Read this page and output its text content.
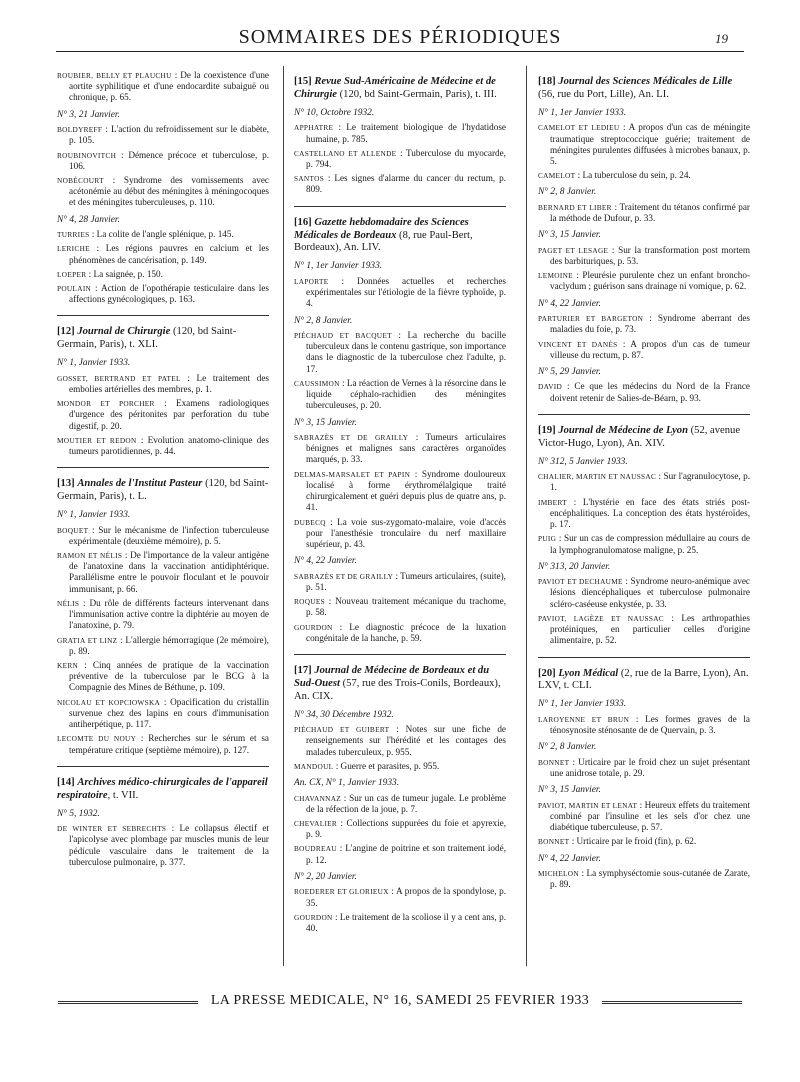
SOMMAIRES DES PÉRIODIQUES	19
ROUBIER, BELLY ET PLAUCHU : De la coexistence d'une aortite syphilitique et d'une endocardite subaiguë ou chronique, p. 65.
N° 3, 21 Janvier.
BOLDYREFF : L'action du refroidissement sur le diabète, p. 105.
ROUBINOVITCH : Démence précoce et tuberculose, p. 106.
NOBÉCOURT : Syndrome des vomissements avec acétonémie au début des méningites à méningocoques et des méningites tuberculeuses, p. 110.
N° 4, 28 Janvier.
TURRIES : La colite de l'angle splénique, p. 145.
LERICHE : Les régions pauvres en calcium et les phénomènes de cancérisation, p. 149.
LOEPER : La saignée, p. 150.
POULAIN : Action de l'opothérapie testiculaire dans les affections gynécologiques, p. 163.
[12] Journal de Chirurgie (120, bd Saint-Germain, Paris), t. XLI.
N° 1, Janvier 1933.
GOSSET, BERTRAND ET PATEL : Le traitement des embolies artérielles des membres, p. 1.
MONDOR ET PORCHER : Examens radiologiques d'urgence des péritonites par perforation du tube digestif, p. 20.
MOUTIER ET REDON : Evolution anatomo-clinique des tumeurs parotidiennes, p. 44.
[13] Annales de l'Institut Pasteur (120, bd Saint-Germain, Paris), t. L.
N° 1, Janvier 1933.
BOQUET : Sur le mécanisme de l'infection tuberculeuse expérimentale (deuxième mémoire), p. 5.
RAMON ET NÉLIS : De l'importance de la valeur antigène de l'anatoxine dans la vaccination antidiphtérique. Parallélisme entre le pouvoir floculant et le pouvoir immunisant, p. 66.
NÉLIS : Du rôle de différents facteurs intervenant dans l'immunisation active contre la diphtérie au moyen de l'anatoxine, p. 79.
GRATIA ET LINZ : L'allergie hémorragique (2e mémoire), p. 89.
KERN : Cinq années de pratique de la vaccination préventive de la tuberculose par le BCG à la Compagnie des Mines de Béthune, p. 109.
NICOLAU ET KOPCIOWSKA : Opacification du cristallin survenue chez des lapins en cours d'immunisation antiherpétique, p. 117.
LECOMTE DU NOUY : Recherches sur le sérum et sa température critique (septième mémoire), p. 127.
[14] Archives médico-chirurgicales de l'appareil respiratoire, t. VII.
N° 5, 1932.
DE WINTER ET SEBRECHTS : Le collapsus électif et l'apicolyse avec plombage par muscles munis de leur pédicule vasculaire dans le traitement de la tuberculose pulmonaire, p. 377.
[15] Revue Sud-Américaine de Médecine et de Chirurgie (120, bd Saint-Germain, Paris), t. III.
N° 10, Octobre 1932.
APPHATRE : Le traitement biologique de l'hydatidose humaine, p. 785.
CASTELLANO ET ALLENDE : Tuberculose du myocarde, p. 794.
SANTOS : Les signes d'alarme du cancer du rectum, p. 809.
[16] Gazette hebdomadaire des Sciences Médicales de Bordeaux (8, rue Paul-Bert, Bordeaux), An. LIV.
N° 1, 1er Janvier 1933.
LAPORTE : Données actuelles et recherches expérimentales sur l'étiologie de la fièvre typhoïde, p. 4.
N° 2, 8 Janvier.
PIÉCHAUD ET BACQUET : La recherche du bacille tuberculeux dans le contenu gastrique, son importance dans le diagnostic de la tuberculose chez l'adulte, p. 17.
CAUSSIMON : La réaction de Vernes à la résorcine dans le liquide céphalo-rachidien des méningites tuberculeuses, p. 20.
N° 3, 15 Janvier.
SABRAZÈS ET DE GRAILLY : Tumeurs articulaires bénignes et malignes sans caractères organoïdes marqués, p. 33.
DELMAS-MARSALET ET PAPIN : Syndrome douloureux localisé à forme érythromélalgique traité chirurgicalement et guéri depuis plus de quatre ans, p. 41.
DUBECQ : La voie sus-zygomato-malaire, voie d'accès pour l'anesthésie tronculaire du nerf maxillaire supérieur, p. 43.
N° 4, 22 Janvier.
SABRAZÈS ET DE GRAILLY : Tumeurs articulaires, (suite), p. 51.
ROQUES : Nouveau traitement mécanique du trachome, p. 58.
GOURDON : Le diagnostic précoce de la luxation congénitale de la hanche, p. 59.
[17] Journal de Médecine de Bordeaux et du Sud-Ouest (57, rue des Trois-Conils, Bordeaux), An. CIX.
N° 34, 30 Décembre 1932.
PIÉCHAUD ET GUIBERT : Notes sur une fiche de renseignements sur l'hérédité et les contages des malades tuberculeux, p. 955.
MANDOUL : Guerre et parasites, p. 955.
An. CX, N° 1, Janvier 1933.
CHAVANNAZ : Sur un cas de tumeur jugale. Le problème de la réfection de la joue, p. 7.
CHEVALIER : Collections suppurées du foie et apyrexie, p. 9.
BOUDREAU : L'angine de poitrine et son traitement iodé, p. 12.
N° 2, 20 Janvier.
ROEDERER ET GLORIEUX : A propos de la spondylose, p. 35.
GOURDON : Le traitement de la scoliose il y a cent ans, p. 40.
[18] Journal des Sciences Médicales de Lille (56, rue du Port, Lille), An. LI.
N° 1, 1er Janvier 1933.
CAMELOT ET LEDIEU : A propos d'un cas de méningite traumatique streptococcique guérie; traitement de méningites purulentes diffusées à microbes banaux, p. 5.
CAMELOT : La tuberculose du sein, p. 24.
N° 2, 8 Janvier.
BERNARD ET LIBER : Traitement du tétanos confirmé par la méthode de Dufour, p. 33.
N° 3, 15 Janvier.
PAGET ET LESAGE : Sur la transformation post mortem des barbituriques, p. 53.
LEMOINE : Pleurésie purulente chez un enfant broncho-vaclydum ; guérison sans drainage ni vomique, p. 62.
N° 4, 22 Janvier.
PARTURIER ET BARGETON : Syndrome aberrant des maladies du foie, p. 73.
VINCENT ET DANÈS : A propos d'un cas de tumeur villeuse du rectum, p. 87.
N° 5, 29 Janvier.
DAVID : Ce que les médecins du Nord de la France doivent retenir de Salies-de-Béarn, p. 93.
[19] Journal de Médecine de Lyon (52, avenue Victor-Hugo, Lyon), An. XIV.
N° 312, 5 Janvier 1933.
CHALIER, MARTIN ET NAUSSAC : Sur l'agranulocytose, p. 1.
IMBERT : L'hystérie en face des états striés post-encéphalitiques. La conception des états hystéroïdes, p. 17.
PUIG : Sur un cas de compression médullaire au cours de la lymphogranulomatose maligne, p. 25.
N° 313, 20 Janvier.
PAVIOT ET DECHAUME : Syndrome neuro-anémique avec lésions diencéphaliques et tuberculose pulmonaire scléro-caséeuse enkystée, p. 33.
PAVIOT, LAGÈZE ET NAUSSAC : Les arthropathies protéiniques, en particulier celles d'origine alimentaire, p. 52.
[20] Lyon Médical (2, rue de la Barre, Lyon), An. LXV, t. CLI.
N° 1, 1er Janvier 1933.
LAROYENNE ET BRUN : Les formes graves de la ténosynosite sténosante de de Quervain, p. 3.
N° 2, 8 Janvier.
BONNET : Urticaire par le froid chez un sujet présentant une anidrose totale, p. 29.
N° 3, 15 Janvier.
PAVIOT, MARTIN ET LENAT : Heureux effets du traitement combiné par l'insuline et les sels d'or chez une diabétique tuberculeuse, p. 57.
BONNET : Urticaire par le froid (fin), p. 62.
N° 4, 22 Janvier.
MICHELON : La symphyséctomie sous-cutanée de Zarate, p. 89.
LA PRESSE MEDICALE, N° 16, SAMEDI 25 FEVRIER 1933
